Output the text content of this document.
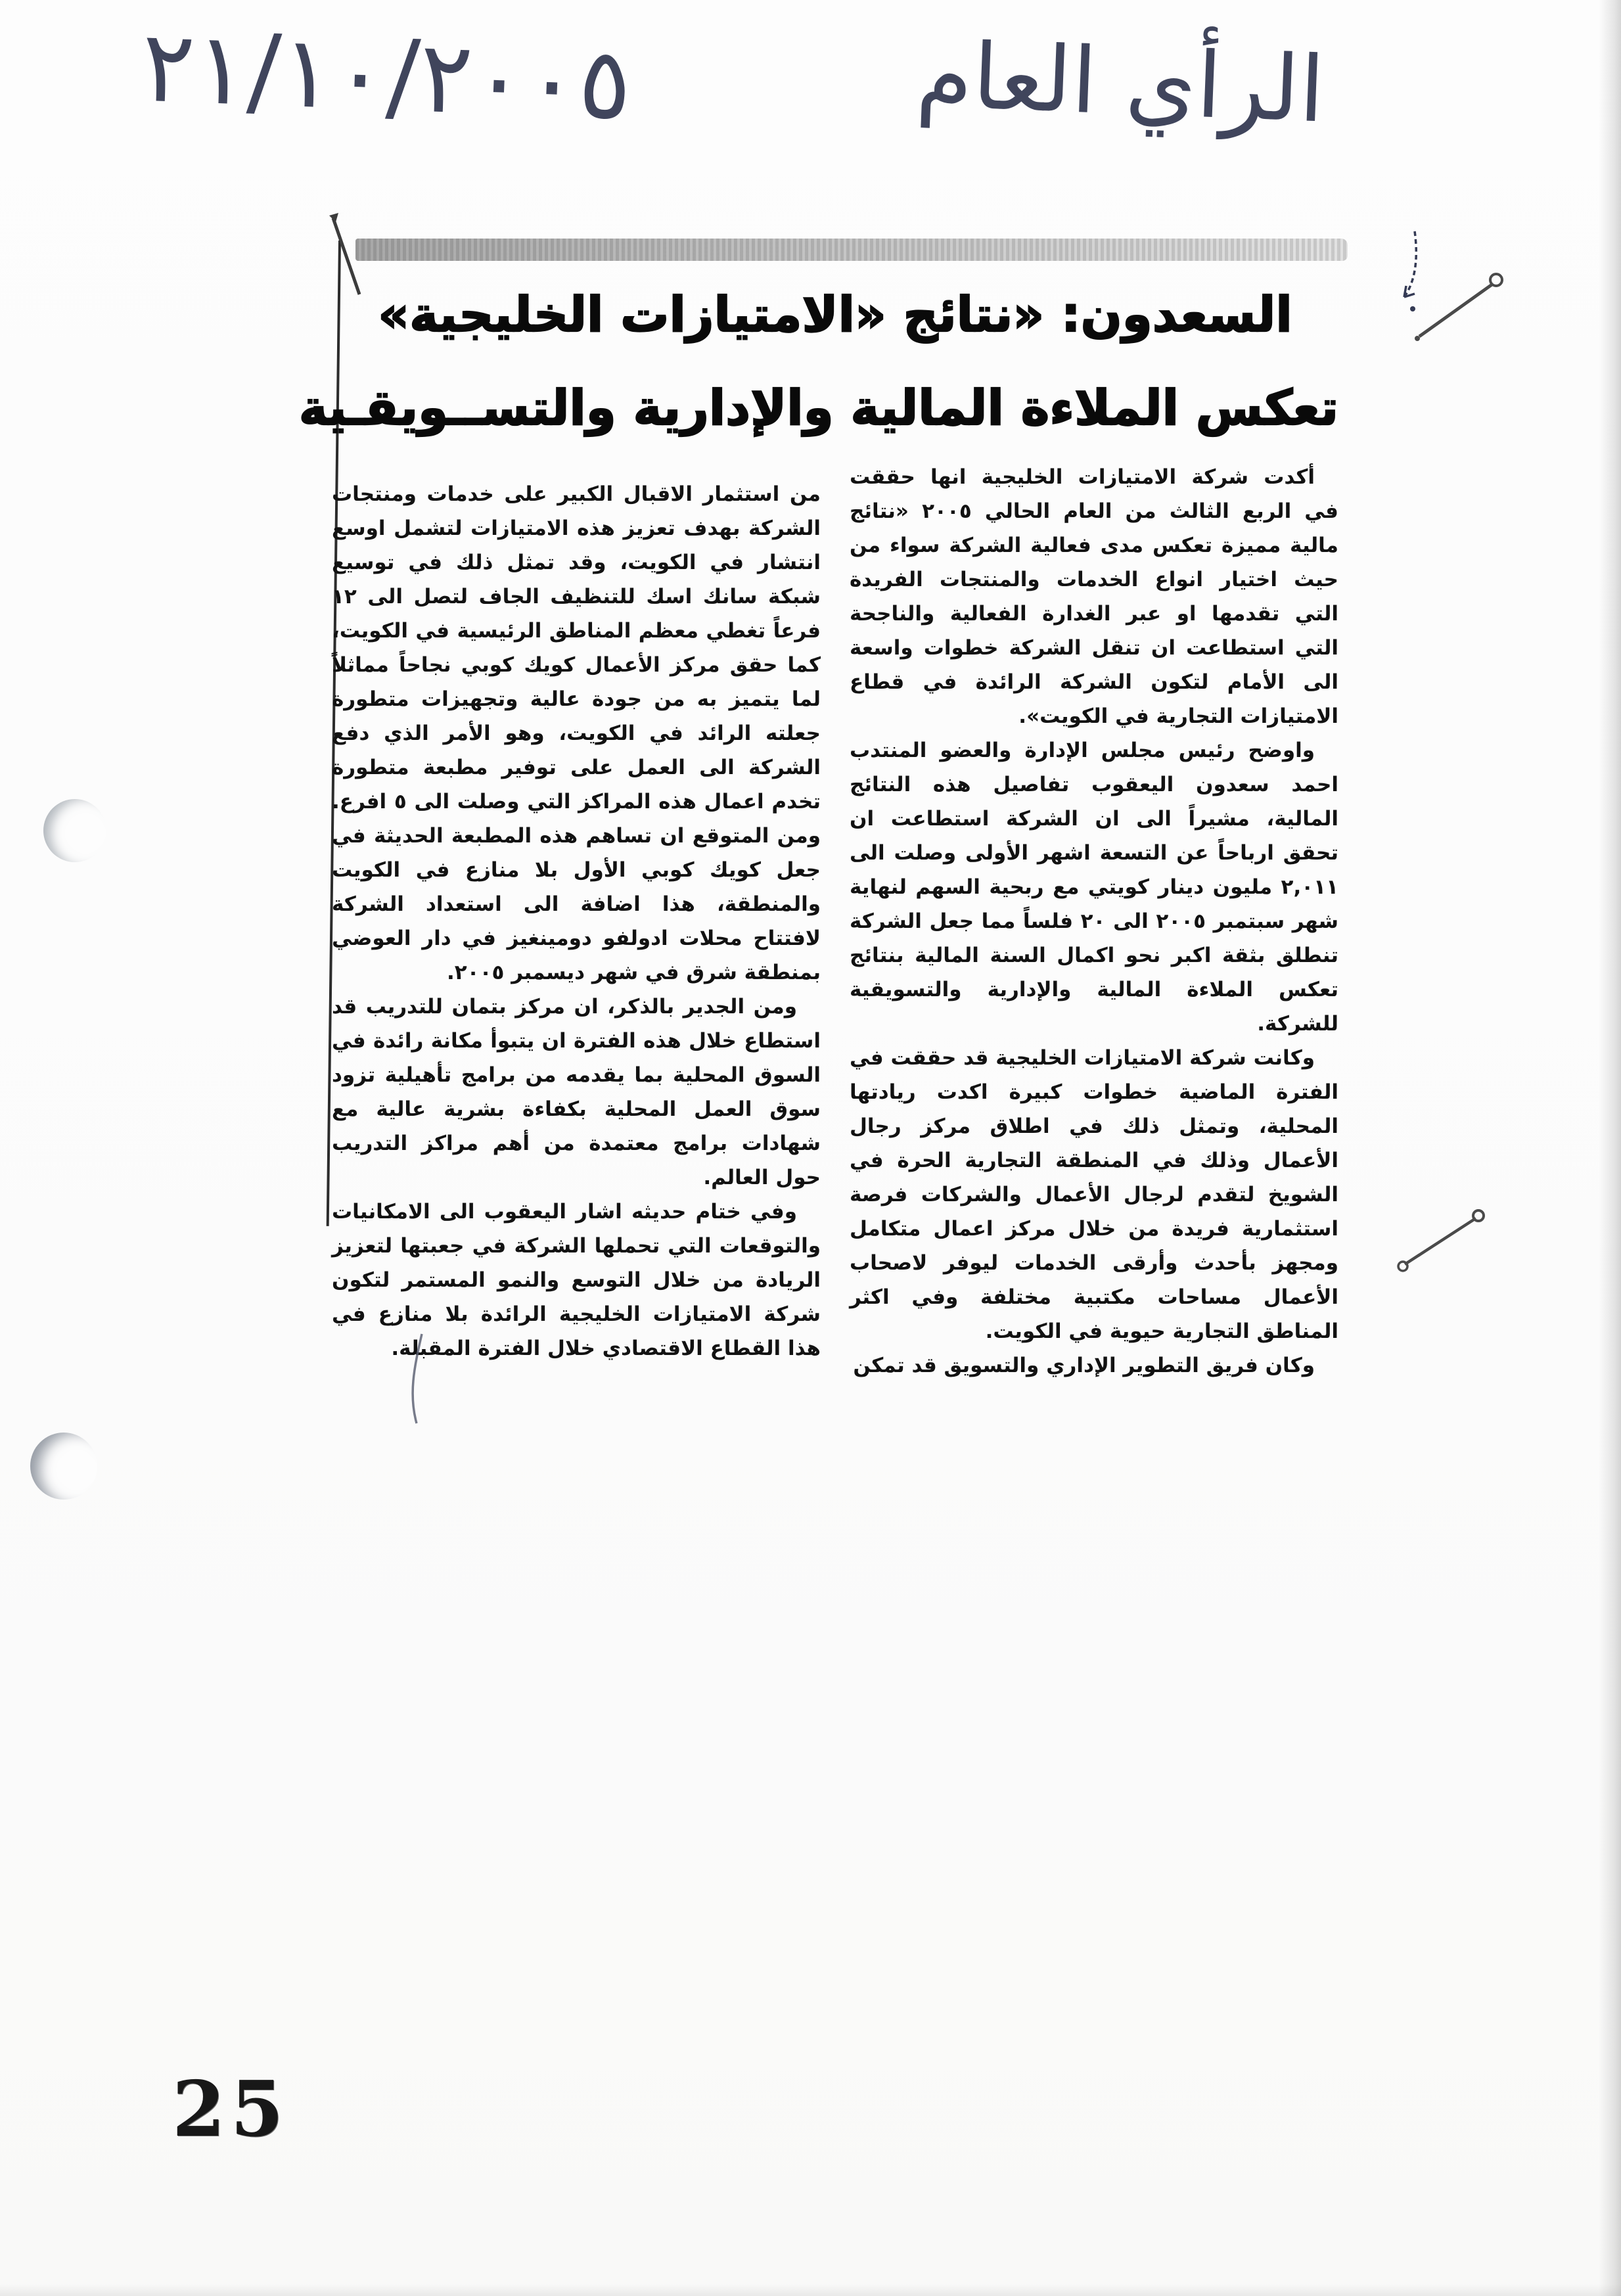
الرأي العام
٢١/١٠/٢٠٠٥
السعدون: «نتائج «الامتيازات الخليجية»
تعكس الملاءة المالية والإدارية والتســويقـية

أكدت شركة الامتيازات الخليجية انها حققت في الربع الثالث من العام الحالي ٢٠٠٥ «نتائج مالية مميزة تعكس مدى فعالية الشركة سواء من حيث اختيار انواع الخدمات والمنتجات الفريدة التي تقدمها او عبر الغدارة الفعالية والناجحة التي استطاعت ان تنقل الشركة خطوات واسعة الى الأمام لتكون الشركة الرائدة في قطاع الامتيازات التجارية في الكويت».

واوضح رئيس مجلس الإدارة والعضو المنتدب احمد سعدون اليعقوب تفاصيل هذه النتائج المالية، مشيراً الى ان الشركة استطاعت ان تحقق ارباحاً عن التسعة اشهر الأولى وصلت الى ٢,٠١١ مليون دينار كويتي مع ربحية السهم لنهاية شهر سبتمبر ٢٠٠٥ الى ٢٠ فلساً مما جعل الشركة تنطلق بثقة اكبر نحو اكمال السنة المالية بنتائج تعكس الملاءة المالية والإدارية والتسويقية للشركة.

وكانت شركة الامتيازات الخليجية قد حققت في الفترة الماضية خطوات كبيرة اكدت ريادتها المحلية، وتمثل ذلك في اطلاق مركز رجال الأعمال وذلك في المنطقة التجارية الحرة في الشويخ لتقدم لرجال الأعمال والشركات فرصة استثمارية فريدة من خلال مركز اعمال متكامل ومجهز بأحدث وأرقى الخدمات ليوفر لاصحاب الأعمال مساحات مكتبية مختلفة وفي اكثر المناطق التجارية حيوية في الكويت.

وكان فريق التطوير الإداري والتسويق قد تمكن

من استثمار الاقبال الكبير على خدمات ومنتجات الشركة بهدف تعزيز هذه الامتيازات لتشمل اوسع انتشار في الكويت، وقد تمثل ذلك في توسيع شبكة سانك اسك للتنظيف الجاف لتصل الى ١٢ فرعاً تغطي معظم المناطق الرئيسية في الكويت، كما حقق مركز الأعمال كويك كوبي نجاحاً مماثلاً لما يتميز به من جودة عالية وتجهيزات متطورة جعلته الرائد في الكويت، وهو الأمر الذي دفع الشركة الى العمل على توفير مطبعة متطورة تخدم اعمال هذه المراكز التي وصلت الى ٥ افرع. ومن المتوقع ان تساهم هذه المطبعة الحديثة في جعل كويك كوبي الأول بلا منازع في الكويت والمنطقة، هذا اضافة الى استعداد الشركة لافتتاح محلات ادولفو دومينغيز في دار العوضي بمنطقة شرق في شهر ديسمبر ٢٠٠٥.

ومن الجدير بالذكر، ان مركز بتمان للتدريب قد استطاع خلال هذه الفترة ان يتبوأ مكانة رائدة في السوق المحلية بما يقدمه من برامج تأهيلية تزود سوق العمل المحلية بكفاءة بشرية عالية مع شهادات برامج معتمدة من أهم مراكز التدريب حول العالم.

وفي ختام حديثه اشار اليعقوب الى الامكانيات والتوقعات التي تحملها الشركة في جعبتها لتعزيز الريادة من خلال التوسع والنمو المستمر لتكون شركة الامتيازات الخليجية الرائدة بلا منازع في هذا القطاع الاقتصادي خلال الفترة المقبلة.

25
